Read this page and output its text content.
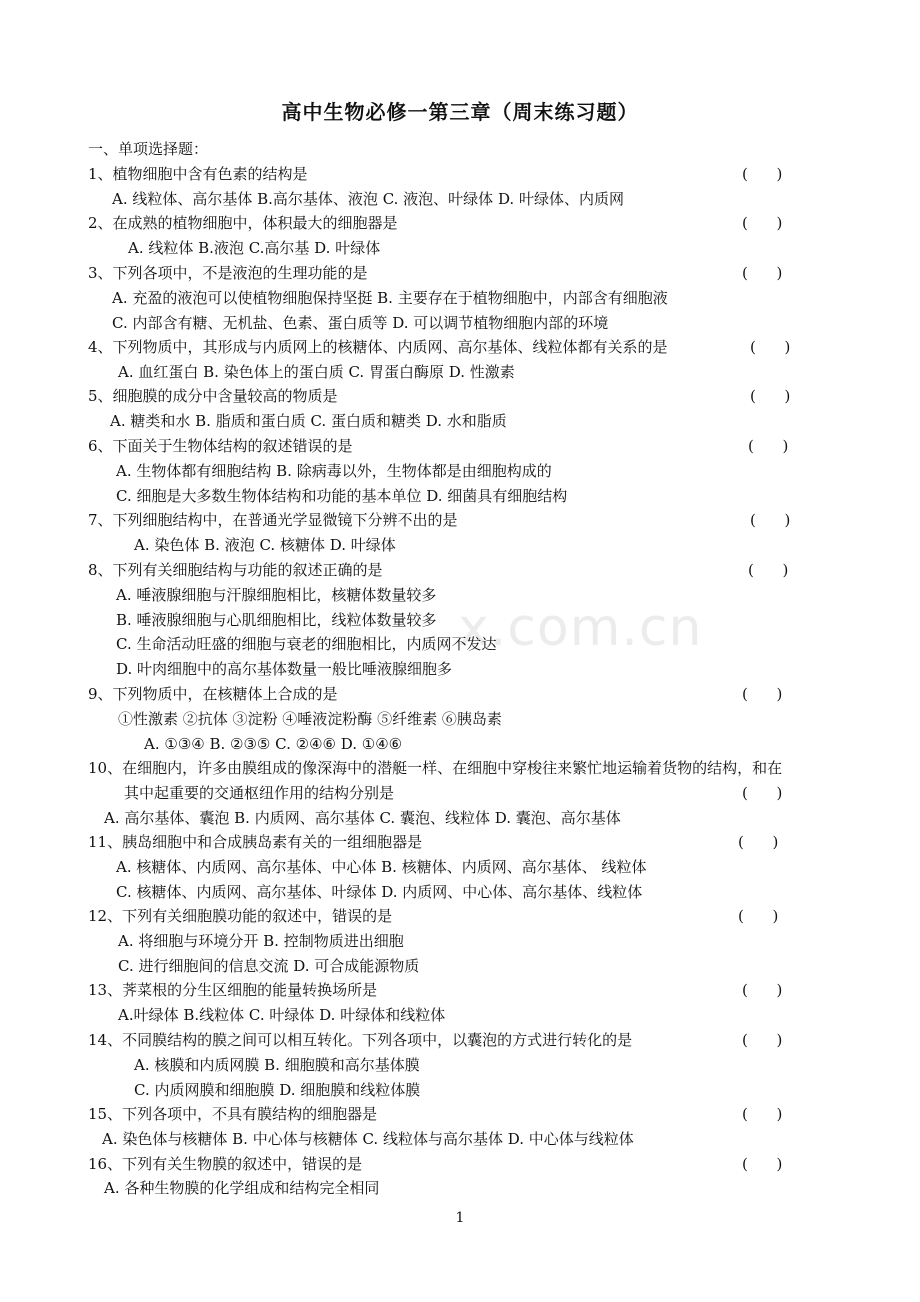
x.com.cn
高中生物必修一第三章（周末练习题）
一、单项选择题：
1、植物细胞中含有色素的结构是
A. 线粒体、高尔基体 B.高尔基体、液泡 C. 液泡、叶绿体 D. 叶绿体、内质网
2、在成熟的植物细胞中，体积最大的细胞器是
A. 线粒体 B.液泡 C.高尔基 D. 叶绿体
3、下列各项中，不是液泡的生理功能的是
A. 充盈的液泡可以使植物细胞保持坚挺 B. 主要存在于植物细胞中，内部含有细胞液
C. 内部含有糖、无机盐、色素、蛋白质等 D. 可以调节植物细胞内部的环境
4、下列物质中，其形成与内质网上的核糖体、内质网、高尔基体、线粒体都有关系的是
A. 血红蛋白 B. 染色体上的蛋白质 C. 胃蛋白酶原 D. 性激素
5、细胞膜的成分中含量较高的物质是
A. 糖类和水 B. 脂质和蛋白质 C. 蛋白质和糖类 D. 水和脂质
6、下面关于生物体结构的叙述错误的是
A. 生物体都有细胞结构 B. 除病毒以外，生物体都是由细胞构成的
C. 细胞是大多数生物体结构和功能的基本单位 D. 细菌具有细胞结构
7、下列细胞结构中，在普通光学显微镜下分辨不出的是
A. 染色体 B. 液泡 C. 核糖体 D. 叶绿体
8、下列有关细胞结构与功能的叙述正确的是
A. 唾液腺细胞与汗腺细胞相比，核糖体数量较多
B. 唾液腺细胞与心肌细胞相比，线粒体数量较多
C. 生命活动旺盛的细胞与衰老的细胞相比，内质网不发达
D. 叶肉细胞中的高尔基体数量一般比唾液腺细胞多
9、下列物质中，在核糖体上合成的是
①性激素 ②抗体 ③淀粉 ④唾液淀粉酶 ⑤纤维素 ⑥胰岛素
A. ①③④ B. ②③⑤ C. ②④⑥ D. ①④⑥
10、在细胞内，许多由膜组成的像深海中的潜艇一样、在细胞中穿梭往来繁忙地运输着货物的结构，和在
其中起重要的交通枢纽作用的结构分别是
A. 高尔基体、囊泡 B. 内质网、高尔基体 C. 囊泡、线粒体 D. 囊泡、高尔基体
11、胰岛细胞中和合成胰岛素有关的一组细胞器是
A. 核糖体、内质网、高尔基体、中心体 B. 核糖体、内质网、高尔基体、 线粒体
C. 核糖体、内质网、高尔基体、叶绿体 D. 内质网、中心体、高尔基体、线粒体
12、下列有关细胞膜功能的叙述中，错误的是
A. 将细胞与环境分开 B. 控制物质进出细胞
C. 进行细胞间的信息交流 D. 可合成能源物质
13、荠菜根的分生区细胞的能量转换场所是
A.叶绿体 B.线粒体 C. 叶绿体 D. 叶绿体和线粒体
14、不同膜结构的膜之间可以相互转化。下列各项中，以囊泡的方式进行转化的是
A. 核膜和内质网膜 B. 细胞膜和高尔基体膜
C. 内质网膜和细胞膜 D. 细胞膜和线粒体膜
15、下列各项中，不具有膜结构的细胞器是
A. 染色体与核糖体 B. 中心体与核糖体 C. 线粒体与高尔基体 D. 中心体与线粒体
16、下列有关生物膜的叙述中，错误的是
A. 各种生物膜的化学组成和结构完全相同
(      )
(      )
(      )
(      )
(      )
(      )
(      )
(      )
(      )
(      )
(      )
(      )
(      )
(      )
(      )
(      )
1
